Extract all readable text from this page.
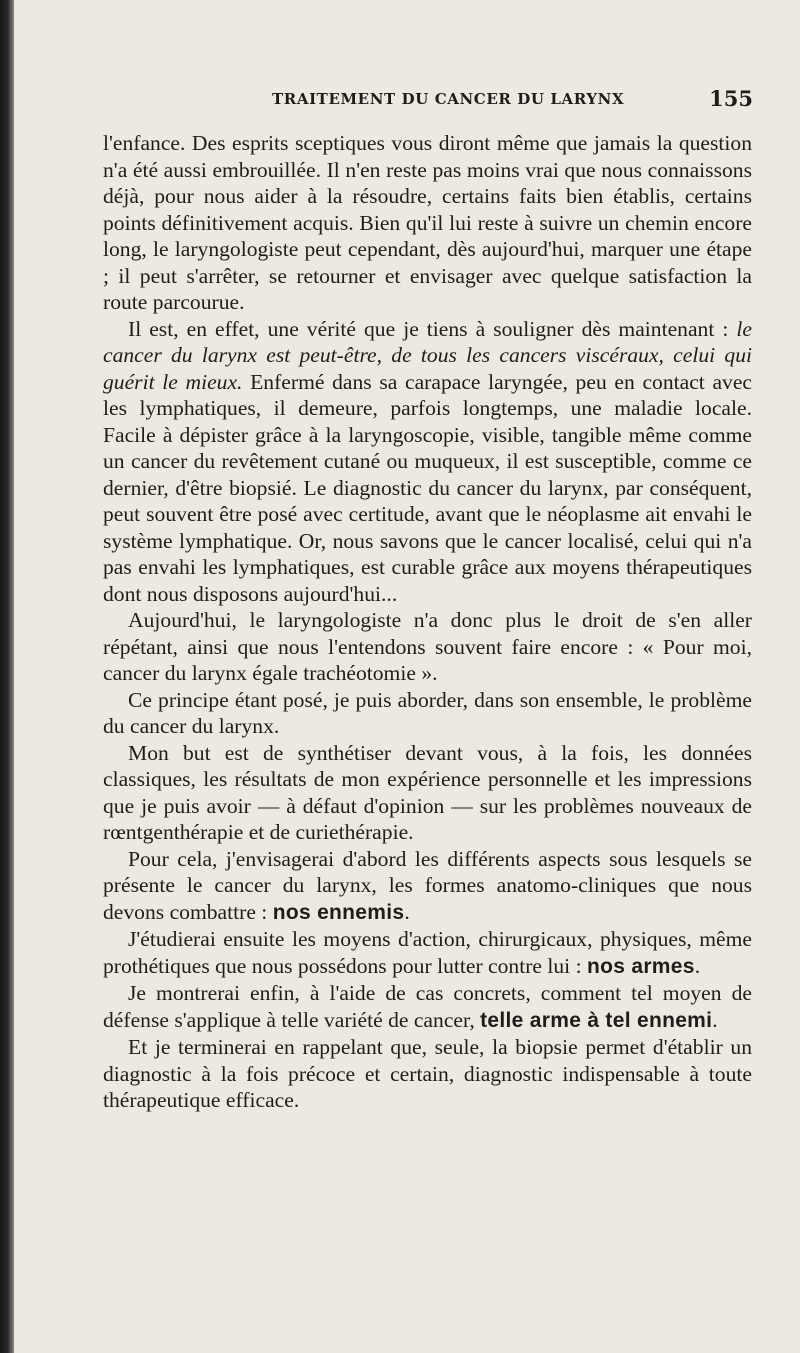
TRAITEMENT DU CANCER DU LARYNX	155

l'enfance. Des esprits sceptiques vous diront même que jamais la question n'a été aussi embrouillée. Il n'en reste pas moins vrai que nous connaissons déjà, pour nous aider à la résoudre, certains faits bien établis, certains points définitivement acquis. Bien qu'il lui reste à suivre un chemin encore long, le laryngologiste peut cependant, dès aujourd'hui, marquer une étape ; il peut s'arrêter, se retourner et envisager avec quelque satisfaction la route parcourue.

Il est, en effet, une vérité que je tiens à souligner dès maintenant : le cancer du larynx est peut-être, de tous les cancers viscéraux, celui qui guérit le mieux. Enfermé dans sa carapace laryngée, peu en contact avec les lymphatiques, il demeure, parfois longtemps, une maladie locale. Facile à dépister grâce à la laryngoscopie, visible, tangible même comme un cancer du revêtement cutané ou muqueux, il est susceptible, comme ce dernier, d'être biopsié. Le diagnostic du cancer du larynx, par conséquent, peut souvent être posé avec certitude, avant que le néoplasme ait envahi le système lymphatique. Or, nous savons que le cancer localisé, celui qui n'a pas envahi les lymphatiques, est curable grâce aux moyens thérapeutiques dont nous disposons aujourd'hui...

Aujourd'hui, le laryngologiste n'a donc plus le droit de s'en aller répétant, ainsi que nous l'entendons souvent faire encore : « Pour moi, cancer du larynx égale trachéotomie ».

Ce principe étant posé, je puis aborder, dans son ensemble, le problème du cancer du larynx.

Mon but est de synthétiser devant vous, à la fois, les données classiques, les résultats de mon expérience personnelle et les impressions que je puis avoir — à défaut d'opinion — sur les problèmes nouveaux de rœntgenthérapie et de curiethérapie.

Pour cela, j'envisagerai d'abord les différents aspects sous lesquels se présente le cancer du larynx, les formes anatomo-cliniques que nous devons combattre : nos ennemis.

J'étudierai ensuite les moyens d'action, chirurgicaux, physiques, même prothétiques que nous possédons pour lutter contre lui : nos armes.

Je montrerai enfin, à l'aide de cas concrets, comment tel moyen de défense s'applique à telle variété de cancer, telle arme à tel ennemi.

Et je terminerai en rappelant que, seule, la biopsie permet d'établir un diagnostic à la fois précoce et certain, diagnostic indispensable à toute thérapeutique efficace.
